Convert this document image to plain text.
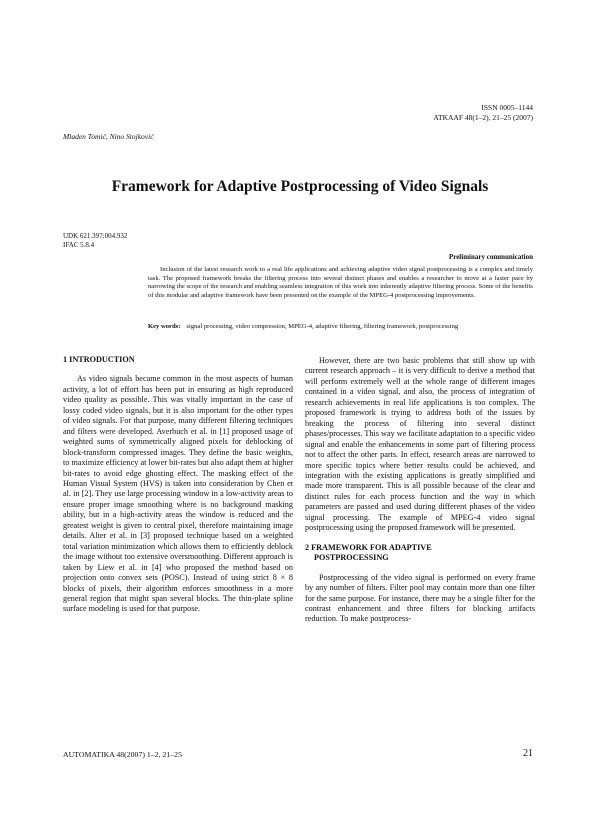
ISSN 0005–1144
ATKAAF 48(1–2), 21–25 (2007)
Mladen Tomić, Nino Stojković
Framework for Adaptive Postprocessing of Video Signals
UDK 621.397:004.932
IFAC 5.8.4
Preliminary communication
Inclusion of the latest research work to a real life applications and achieving adaptive video signal postprocessing is a complex and timely task. The proposed framework breaks the filtering process into several distinct phases and enables a researcher to move at a faster pace by narrowing the scope of the research and enabling seamless integration of this work into inherently adaptive filtering process. Some of the benefits of this modular and adaptive framework have been presented on the example of the MPEG-4 postprocessing improvements.
Key words: signal processing, video compression, MPEG-4, adaptive filtering, filtering framework, postprocessing
1 INTRODUCTION

As video signals became common in the most aspects of human activity, a lot of effort has been put in ensuring as high reproduced video quality as possible. This was vitally important in the case of lossy coded video signals, but it is also important for the other types of video signals. For that purpose, many different filtering techniques and filters were developed. Averbuch et al. in [1] proposed usage of weighted sums of symmetrically aligned pixels for deblocking of block-transform compressed images. They define the basic weights, to maximize efficiency at lower bit-rates but also adapt them at higher bit-rates to avoid edge ghosting effect. The masking effect of the Human Visual System (HVS) is taken into consideration by Chen et al. in [2]. They use large processing window in a low-activity areas to ensure proper image smoothing where is no background masking ability, but in a high-activity areas the window is reduced and the greatest weight is given to central pixel, therefore maintaining image details. Alter et al. in [3] proposed technique based on a weighted total variation minimization which allows them to efficiently deblock the image without too extensive oversmoothing. Different approach is taken by Liew et al. in [4] who proposed the method based on projection onto convex sets (POSC). Instead of using strict 8 × 8 blocks of pixels, their algorithm enforces smoothness in a more general region that might span several blocks. The thin-plate spline surface modeling is used for that purpose.

However, there are two basic problems that still show up with current research approach – it is very difficult to derive a method that will perform extremely well at the whole range of different images contained in a video signal, and also, the process of integration of research achievements in real life applications is too complex. The proposed framework is trying to address both of the issues by breaking the process of filtering into several distinct phases/processes. This way we facilitate adaptation to a specific video signal and enable the enhancements in some part of filtering process not to affect the other parts. In effect, research areas are narrowed to more specific topics where better results could be achieved, and integration with the existing applications is greatly simplified and made more transparent. This is all possible because of the clear and distinct rules for each process function and the way in which parameters are passed and used during different phases of the video signal processing. The example of MPEG-4 video signal postprocessing using the proposed framework will be presented.

2 FRAMEWORK FOR ADAPTIVE
POSTPROCESSING

Postprocessing of the video signal is performed on every frame by any number of filters. Filter pool may contain more than one filter for the same purpose. For instance, there may be a single filter for the contrast enhancement and three filters for blocking artifacts reduction. To make postprocess-

AUTOMATIKA 48(2007) 1–2, 21–25	21
